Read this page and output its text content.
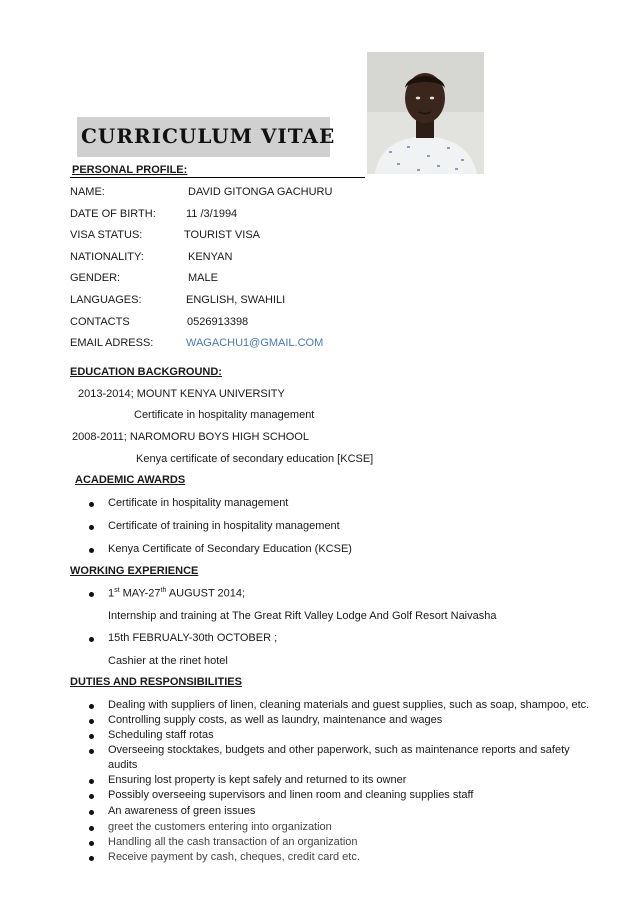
CURRICULUM VITAE
PERSONAL PROFILE:
NAME:	DAVID GITONGA GACHURU
DATE OF BIRTH:	11 /3/1994
VISA STATUS:	TOURIST VISA
NATIONALITY:	KENYAN
GENDER:	MALE
LANGUAGES:	ENGLISH, SWAHILI
CONTACTS	0526913398
EMAIL ADRESS:	WAGACHU1@GMAIL.COM
EDUCATION BACKGROUND:
2013-2014; MOUNT KENYA UNIVERSITY
Certificate in hospitality management
2008-2011; NAROMORU BOYS HIGH SCHOOL
Kenya certificate of secondary education [KCSE]
ACADEMIC AWARDS
Certificate in hospitality management
Certificate of training in hospitality management
Kenya Certificate of Secondary Education (KCSE)
WORKING EXPERIENCE
1st MAY-27th AUGUST 2014;
Internship and training at The Great Rift Valley Lodge And Golf Resort Naivasha
15th FEBRUALY-30th OCTOBER ;
Cashier at the rinet hotel
DUTIES AND RESPONSIBILITIES
Dealing with suppliers of linen, cleaning materials and guest supplies, such as soap, shampoo, etc.
Controlling supply costs, as well as laundry, maintenance and wages
Scheduling staff rotas
Overseeing stocktakes, budgets and other paperwork, such as maintenance reports and safety
audits
Ensuring lost property is kept safely and returned to its owner
Possibly overseeing supervisors and linen room and cleaning supplies staff
An awareness of green issues
greet the customers entering into organization
Handling all the cash transaction of an organization
Receive payment by cash, cheques, credit card etc.
